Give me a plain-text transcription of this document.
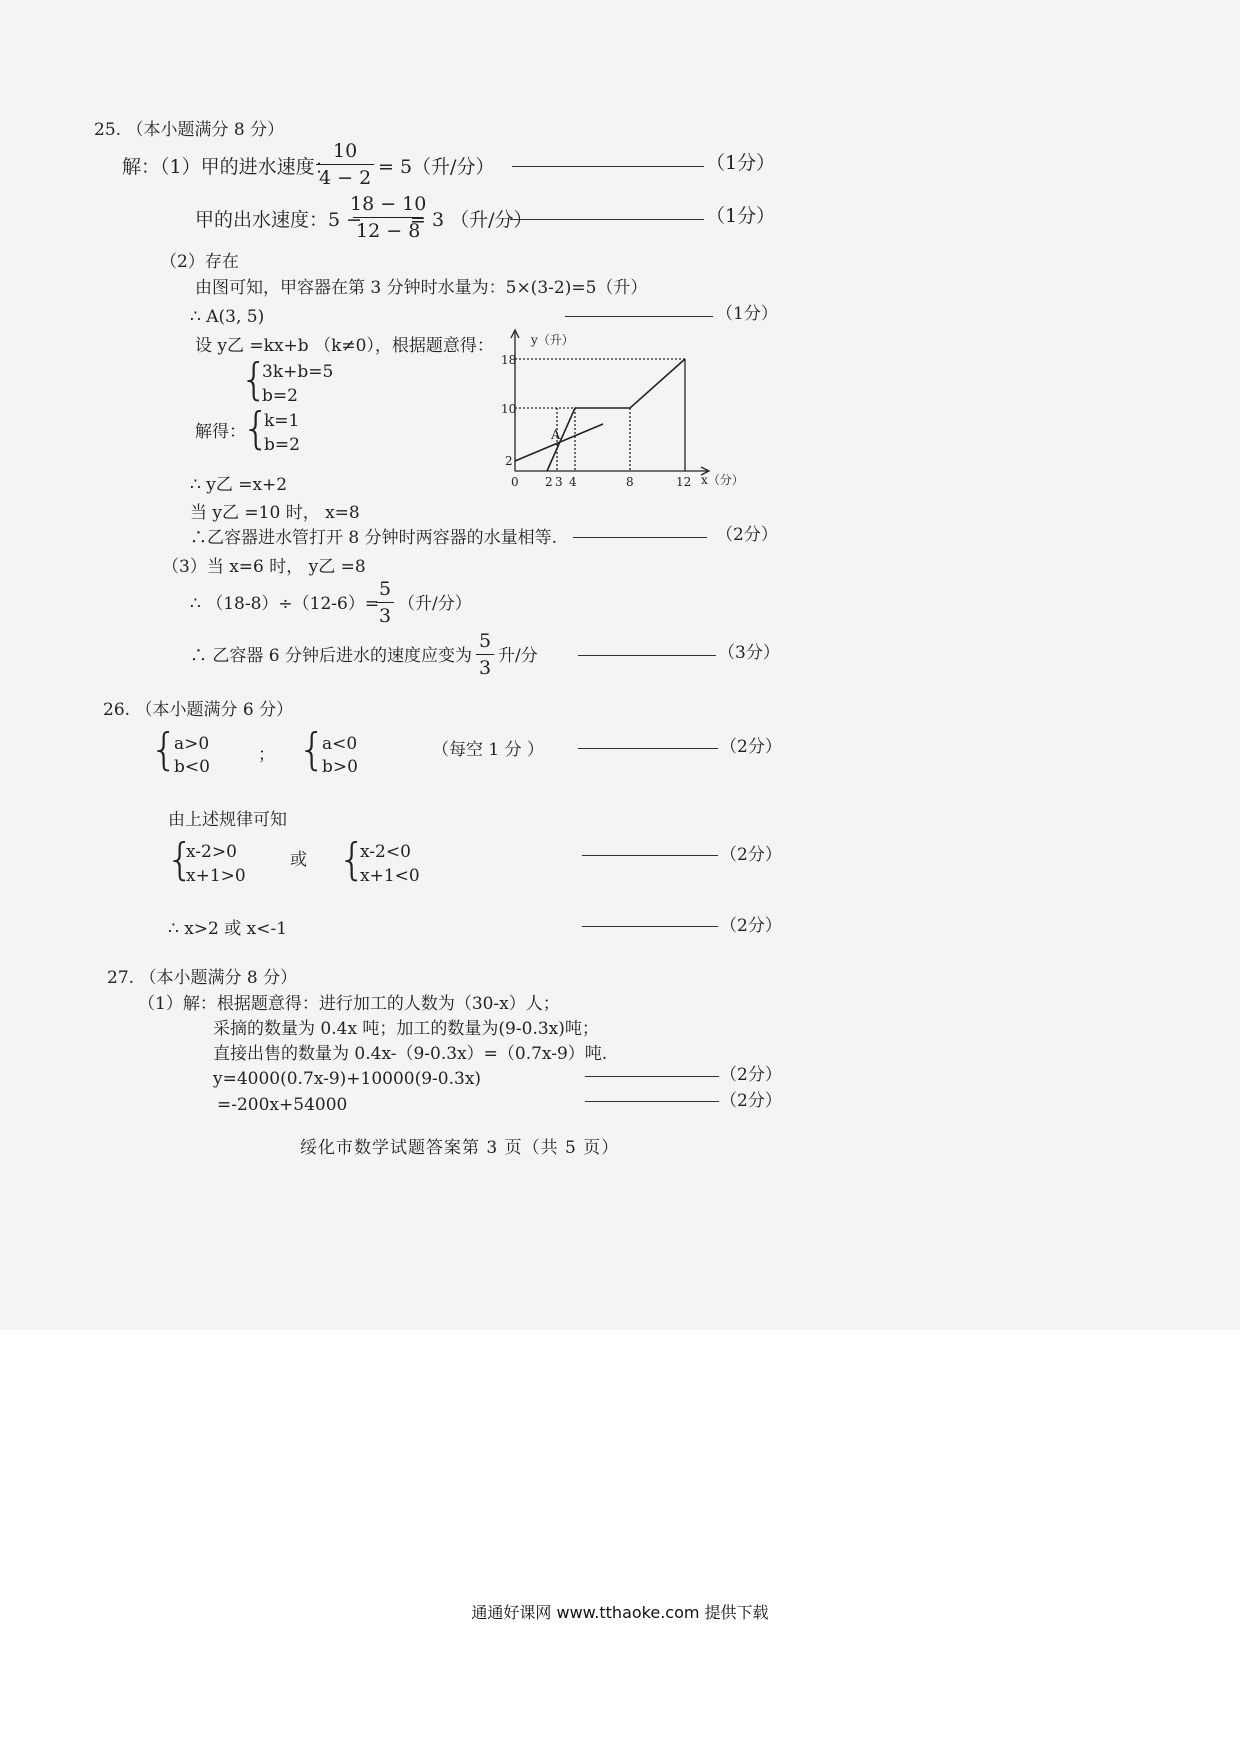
25. （本小题满分 8 分）
解：（1）甲的进水速度：
$\frac{10}{4 - 2} = 5$（升/分）	（1分）
甲的出水速度：5 −
$\frac{18 - 10}{12 - 8}$
= 3 （升/分）	（1分）
（2）存在
由图可知，甲容器在第 3 分钟时水量为：5×(3-2)=5（升）
∴ A(3, 5)	（1分）
设 y乙 =kx+b （k≠0），根据题意得：
{
3k+b=5
b=2
解得：
{
k=1
b=2
∴ y乙 =x+2
当 y乙 =10 时， x=8
∴乙容器进水管打开 8 分钟时两容器的水量相等.	（2分）
（3）当 x=6 时， y乙 =8
∴ （18-8）÷（12-6）=
$\frac{5}{3}$ （升/分）
∴ 乙容器 6 分钟后进水的速度应变为 $\frac{5}{3}$ 升/分	（3分）
y（升）
x（分）
A
18
10
2
0 2 3 4	8	12
26. （本小题满分 6 分）
{
a>0
b<0
； {
a<0
b>0
（每空 1 分 ）	（2分）
由上述规律可知
{
x-2>0
x+1>0
或 {
x-2<0
x+1<0
（2分）
∴ x>2 或 x<-1	（2分）
27. （本小题满分 8 分）
（1）解：根据题意得：进行加工的人数为（30-x）人；
采摘的数量为 0.4x 吨；加工的数量为(9-0.3x)吨；
直接出售的数量为 0.4x-（9-0.3x）=（0.7x-9）吨.
y=4000(0.7x-9)+10000(9-0.3x)	（2分）
=-200x+54000	（2分）
绥化市数学试题答案第 3 页（共 5 页）
通通好课网 www.tthaoke.com 提供下载
